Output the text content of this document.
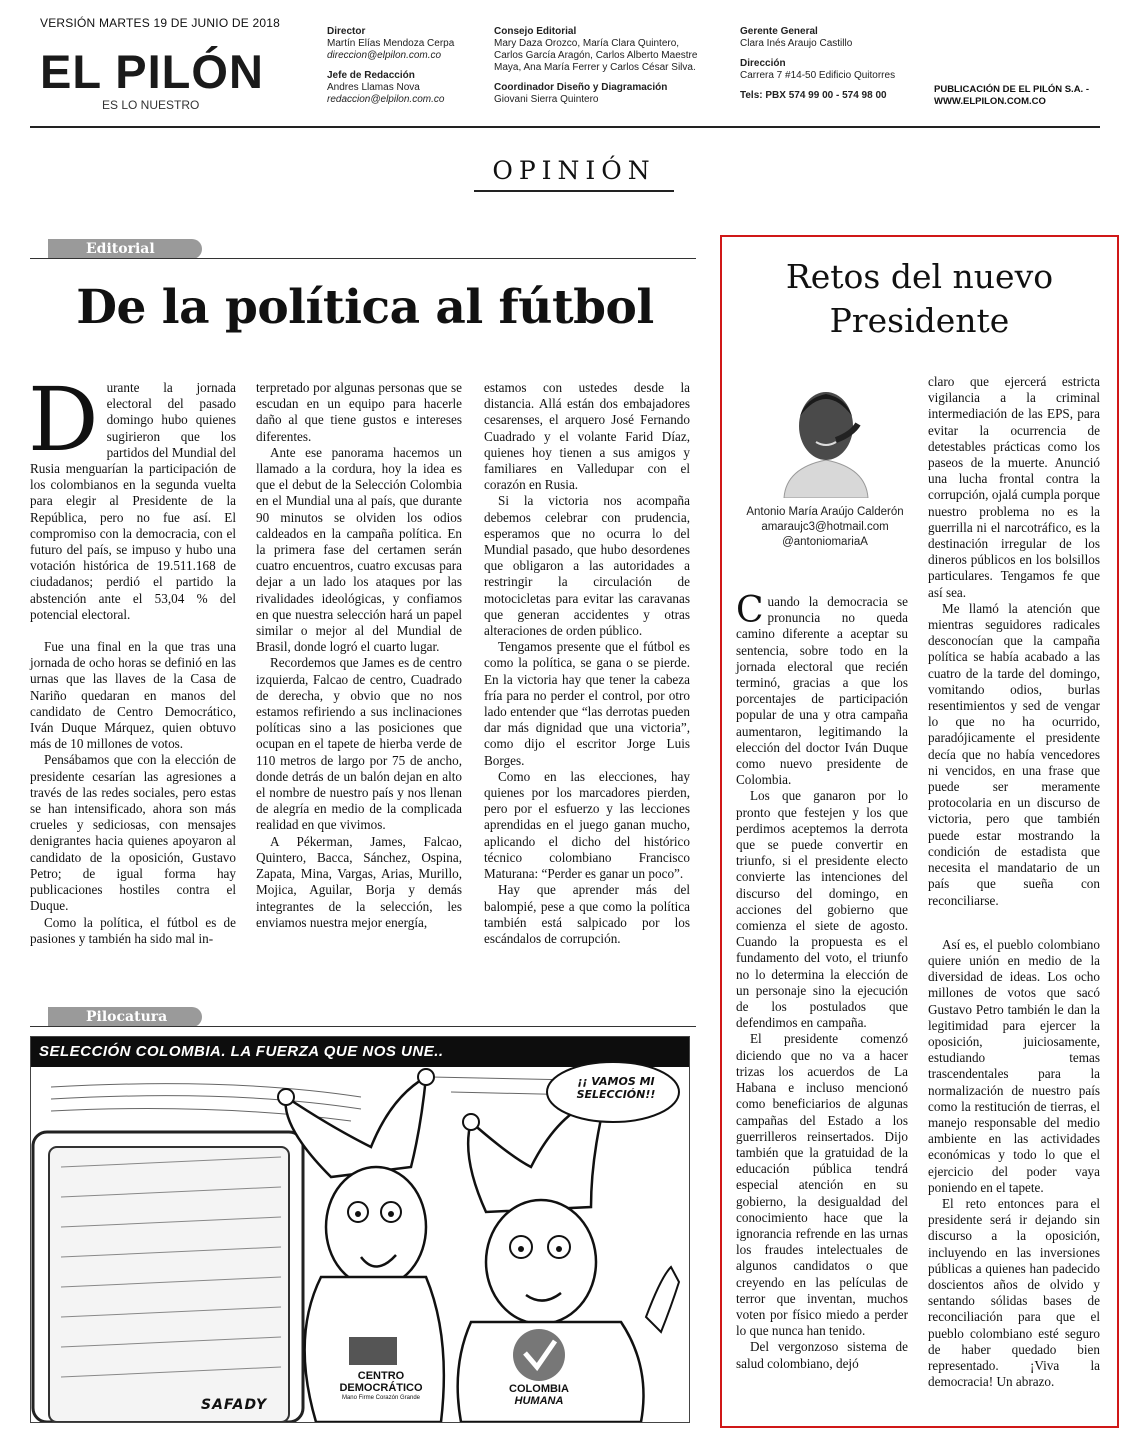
VERSIÓN MARTES 19 DE JUNIO DE 2018
EL PILÓN
ES LO NUESTRO
Director
Martín Elías Mendoza Cerpa
direccion@elpilon.com.co
Jefe de Redacción
Andres Llamas Nova
redaccion@elpilon.com.co
Consejo Editorial
Mary Daza Orozco, María Clara Quintero, Carlos García Aragón, Carlos Alberto Maestre Maya, Ana María Ferrer y Carlos César Silva.
Coordinador Diseño y Diagramación
Giovani Sierra Quintero
Gerente General
Clara Inés Araujo Castillo
Dirección
Carrera 7 #14-50 Edificio Quitorres
Tels: PBX 574 99 00 - 574 98 00
PUBLICACIÓN DE EL PILÓN S.A. - WWW.ELPILON.COM.CO
OPINIÓN
Editorial
De la política al fútbol

Durante la jornada electoral del pasado domingo hubo quienes sugirieron que los partidos del Mundial del Rusia menguarían la participación de los colombianos en la segunda vuelta para elegir al Presidente de la República, pero no fue así. El compromiso con la democracia, con el futuro del país, se impuso y hubo una votación histórica de 19.511.168 de ciudadanos; perdió el partido la abstención ante el 53,04 % del potencial electoral.

Fue una final en la que tras una jornada de ocho horas se definió en las urnas que las llaves de la Casa de Nariño quedaran en manos del candidato de Centro Democrático, Iván Duque Márquez, quien obtuvo más de 10 millones de votos.

Pensábamos que con la elección de presidente cesarían las agresiones a través de las redes sociales, pero estas se han intensificado, ahora son más crueles y sediciosas, con mensajes denigrantes hacia quienes apoyaron al candidato de la oposición, Gustavo Petro; de igual forma hay publicaciones hostiles contra el Duque.

Como la política, el fútbol es de pasiones y también ha sido mal in-

terpretado por algunas personas que se escudan en un equipo para hacerle daño al que tiene gustos e intereses diferentes.

Ante ese panorama hacemos un llamado a la cordura, hoy la idea es que el debut de la Selección Colombia en el Mundial una al país, que durante 90 minutos se olviden los odios caldeados en la campaña política. En la primera fase del certamen serán cuatro encuentros, cuatro excusas para dejar a un lado los ataques por las rivalidades ideológicas, y confiamos en que nuestra selección hará un papel similar o mejor al del Mundial de Brasil, donde logró el cuarto lugar.

Recordemos que James es de centro izquierda, Falcao de centro, Cuadrado de derecha, y obvio que no nos estamos refiriendo a sus inclinaciones políticas sino a las posiciones que ocupan en el tapete de hierba verde de 110 metros de largo por 75 de ancho, donde detrás de un balón dejan en alto el nombre de nuestro país y nos llenan de alegría en medio de la complicada realidad en que vivimos.

A Pékerman, James, Falcao, Quintero, Bacca, Sánchez, Ospina, Zapata, Mina, Vargas, Arias, Murillo, Mojica, Aguilar, Borja y demás integrantes de la selección, les enviamos nuestra mejor energía,

estamos con ustedes desde la distancia. Allá están dos embajadores cesarenses, el arquero José Fernando Cuadrado y el volante Farid Díaz, quienes hoy tienen a sus amigos y familiares en Valledupar con el corazón en Rusia.

Si la victoria nos acompaña debemos celebrar con prudencia, esperamos que no ocurra lo del Mundial pasado, que hubo desordenes que obligaron a las autoridades a restringir la circulación de motocicletas para evitar las caravanas que generan accidentes y otras alteraciones de orden público.

Tengamos presente que el fútbol es como la política, se gana o se pierde. En la victoria hay que tener la cabeza fría para no perder el control, por otro lado entender que “las derrotas pueden dar más dignidad que una victoria”, como dijo el escritor Jorge Luis Borges.

Como en las elecciones, hay quienes por los marcadores pierden, pero por el esfuerzo y las lecciones aprendidas en el juego ganan mucho, aplicando el dicho del histórico técnico colombiano Francisco Maturana: “Perder es ganar un poco”.

Hay que aprender más del balompié, pese a que como la política también está salpicado por los escándalos de corrupción.

Pilocatura
SELECCIÓN COLOMBIA. LA FUERZA QUE NOS UNE..
¡¡ VAMOS MI SELECCIÓN!!
CENTRO DEMOCRÁTICO
Mano Firme Corazón Grande
COLOMBIA
HUMANA
SAFADY
Retos del nuevo Presidente
Antonio María Araújo Calderón
amaraujc3@hotmail.com
@antoniomariaA

Cuando la democracia se pronuncia no queda camino diferente a aceptar su sentencia, sobre todo en la jornada electoral que recién terminó, gracias a que los porcentajes de participación popular de una y otra campaña aumentaron, legitimando la elección del doctor Iván Duque como nuevo presidente de Colombia.

Los que ganaron por lo pronto que festejen y los que perdimos aceptemos la derrota que se puede convertir en triunfo, si el presidente electo convierte las intenciones del discurso del domingo, en acciones del gobierno que comienza el siete de agosto. Cuando la propuesta es el fundamento del voto, el triunfo no lo determina la elección de un personaje sino la ejecución de los postulados que defendimos en campaña.

El presidente comenzó diciendo que no va a hacer trizas los acuerdos de La Habana e incluso mencionó como beneficiarios de algunas campañas del Estado a los guerrilleros reinsertados. Dijo también que la gratuidad de la educación pública tendrá especial atención en su gobierno, la desigualdad del conocimiento hace que la ignorancia refrende en las urnas los fraudes intelectuales de algunos candidatos o que creyendo en las películas de terror que inventan, muchos voten por físico miedo a perder lo que nunca han tenido.

Del vergonzoso sistema de salud colombiano, dejó

claro que ejercerá estricta vigilancia a la criminal intermediación de las EPS, para evitar la ocurrencia de detestables prácticas como los paseos de la muerte. Anunció una lucha frontal contra la corrupción, ojalá cumpla porque nuestro problema no es la guerrilla ni el narcotráfico, es la destinación irregular de los dineros públicos en los bolsillos particulares. Tengamos fe que así sea.

Me llamó la atención que mientras seguidores radicales desconocían que la campaña política se había acabado a las cuatro de la tarde del domingo, vomitando odios, burlas resentimientos y sed de vengar lo que no ha ocurrido, paradójicamente el presidente decía que no había vencedores ni vencidos, en una frase que puede ser meramente protocolaria en un discurso de victoria, pero que también puede estar mostrando la condición de estadista que necesita el mandatario de un país que sueña con reconciliarse.

Así es, el pueblo colombiano quiere unión en medio de la diversidad de ideas. Los ocho millones de votos que sacó Gustavo Petro también le dan la legitimidad para ejercer la oposición, juiciosamente, estudiando temas trascendentales para la normalización de nuestro país como la restitución de tierras, el manejo responsable del medio ambiente en las actividades económicas y todo lo que el ejercicio del poder vaya poniendo en el tapete.

El reto entonces para el presidente será ir dejando sin discurso a la oposición, incluyendo en las inversiones públicas a quienes han padecido doscientos años de olvido y sentando sólidas bases de reconciliación para que el pueblo colombiano esté seguro de haber quedado bien representado. ¡Viva la democracia! Un abrazo.
